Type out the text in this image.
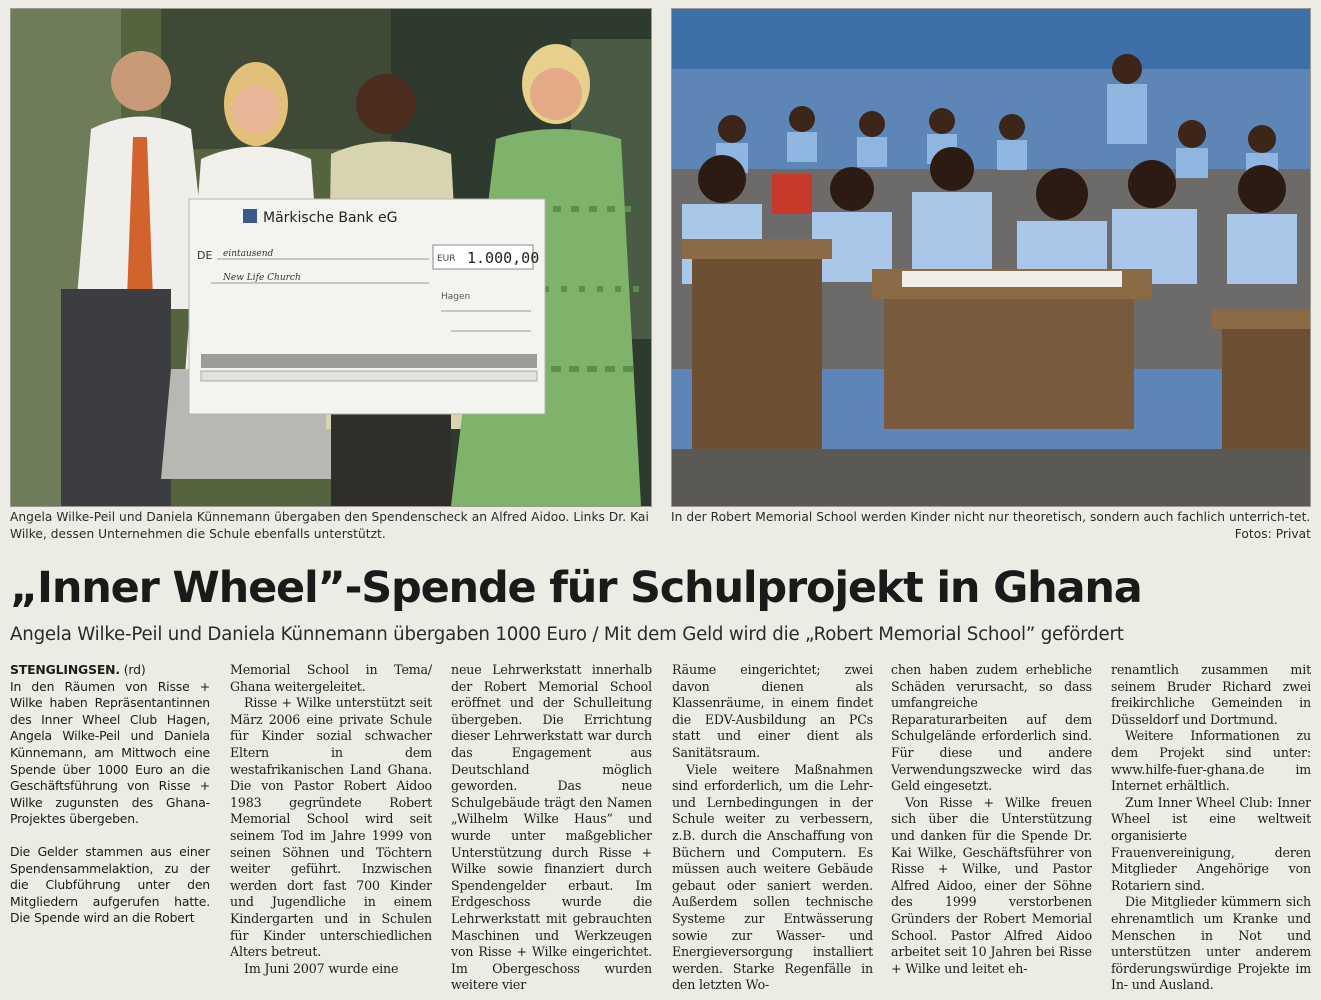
Märkische Bank eG
EUR 1.000,00
DE eintausend
New Life Church
Hagen
Angela Wilke-Peil und Daniela Künnemann übergaben den Spendenscheck an Alfred Aidoo. Links Dr. Kai Wilke, dessen Unternehmen die Schule ebenfalls unterstützt.
In der Robert Memorial School werden Kinder nicht nur theoretisch, sondern auch fachlich unterrich-tet.
Fotos: Privat
„Inner Wheel”-Spende für Schulprojekt in Ghana
Angela Wilke-Peil und Daniela Künnemann übergaben 1000 Euro / Mit dem Geld wird die „Robert Memorial School” gefördert

STENGLINGSEN. (rd)

In den Räumen von Risse + Wilke haben Repräsentantinnen des Inner Wheel Club Hagen, Angela Wilke-Peil und Daniela Künnemann, am Mittwoch eine Spende über 1000 Euro an die Geschäftsführung von Risse + Wilke zugunsten des Ghana-Projektes übergeben.

Die Gelder stammen aus einer Spendensammelaktion, zu der die Clubführung unter den Mitgliedern aufgerufen hatte. Die Spende wird an die Robert

Memorial School in Tema/ Ghana weitergeleitet.

Risse + Wilke unterstützt seit März 2006 eine private Schule für Kinder sozial schwacher Eltern in dem westafrikanischen Land Ghana. Die von Pastor Robert Aidoo 1983 gegründete Robert Memorial School wird seit seinem Tod im Jahre 1999 von seinen Söhnen und Töchtern weiter geführt. Inzwischen werden dort fast 700 Kinder und Jugendliche in einem Kindergarten und in Schulen für Kinder unterschiedlichen Alters betreut.

Im Juni 2007 wurde eine

neue Lehrwerkstatt innerhalb der Robert Memorial School eröffnet und der Schulleitung übergeben. Die Errichtung dieser Lehrwerkstatt war durch das Engagement aus Deutschland möglich geworden. Das neue Schulgebäude trägt den Namen „Wilhelm Wilke Haus” und wurde unter maßgeblicher Unterstützung durch Risse + Wilke sowie finanziert durch Spendengelder erbaut. Im Erdgeschoss wurde die Lehrwerkstatt mit gebrauchten Maschinen und Werkzeugen von Risse + Wilke eingerichtet. Im Obergeschoss wurden weitere vier

Räume eingerichtet; zwei davon dienen als Klassenräume, in einem findet die EDV-Ausbildung an PCs statt und einer dient als Sanitätsraum.

Viele weitere Maßnahmen sind erforderlich, um die Lehr- und Lernbedingungen in der Schule weiter zu verbessern, z.B. durch die Anschaffung von Büchern und Computern. Es müssen auch weitere Gebäude gebaut oder saniert werden. Außerdem sollen technische Systeme zur Entwässerung sowie zur Wasser- und Energieversorgung installiert werden. Starke Regenfälle in den letzten Wo-

chen haben zudem erhebliche Schäden verursacht, so dass umfangreiche Reparaturarbeiten auf dem Schulgelände erforderlich sind. Für diese und andere Verwendungszwecke wird das Geld eingesetzt.

Von Risse + Wilke freuen sich über die Unterstützung und danken für die Spende Dr. Kai Wilke, Geschäftsführer von Risse + Wilke, und Pastor Alfred Aidoo, einer der Söhne des 1999 verstorbenen Gründers der Robert Memorial School. Pastor Alfred Aidoo arbeitet seit 10 Jahren bei Risse + Wilke und leitet eh-

renamtlich zusammen mit seinem Bruder Richard zwei freikirchliche Gemeinden in Düsseldorf und Dortmund.

Weitere Informationen zu dem Projekt sind unter: www.hilfe-fuer-ghana.de im Internet erhältlich.

Zum Inner Wheel Club: Inner Wheel ist eine weltweit organisierte Frauenvereinigung, deren Mitglieder Angehörige von Rotariern sind.

Die Mitglieder kümmern sich ehrenamtlich um Kranke und Menschen in Not und unterstützen unter anderem förderungswürdige Projekte im In- und Ausland.
